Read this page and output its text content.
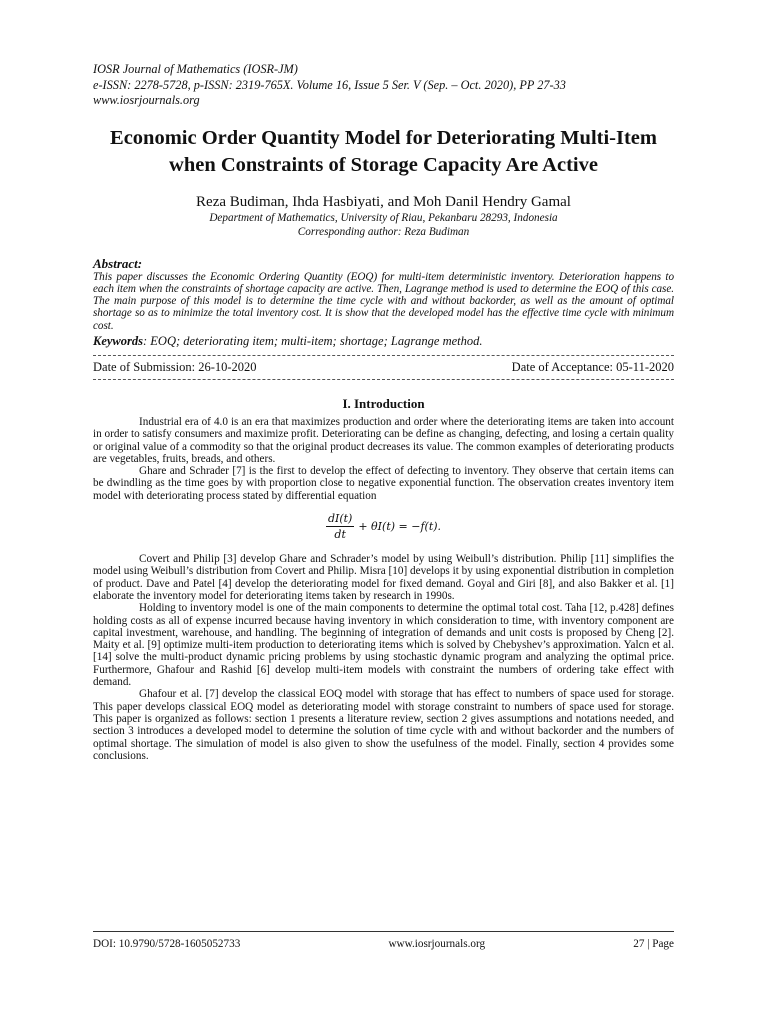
IOSR Journal of Mathematics (IOSR-JM)
e-ISSN: 2278-5728, p-ISSN: 2319-765X. Volume 16, Issue 5 Ser. V (Sep. – Oct. 2020), PP 27-33
www.iosrjournals.org
Economic Order Quantity Model for Deteriorating Multi-Item when Constraints of Storage Capacity Are Active
Reza Budiman, Ihda Hasbiyati, and Moh Danil Hendry Gamal
Department of Mathematics, University of Riau, Pekanbaru 28293, Indonesia
Corresponding author: Reza Budiman
Abstract:
This paper discusses the Economic Ordering Quantity (EOQ) for multi-item deterministic inventory. Deterioration happens to each item when the constraints of shortage capacity are active. Then, Lagrange method is used to determine the EOQ of this case. The main purpose of this model is to determine the time cycle with and without backorder, as well as the amount of optimal shortage so as to minimize the total inventory cost. It is show that the developed model has the effective time cycle with minimum cost.
Keywords: EOQ; deteriorating item; multi-item; shortage; Lagrange method.
Date of Submission: 26-10-2020	Date of Acceptance: 05-11-2020
I. Introduction

Industrial era of 4.0 is an era that maximizes production and order where the deteriorating items are taken into account in order to satisfy consumers and maximize profit. Deteriorating can be define as changing, defecting, and losing a certain quality or original value of a commodity so that the original product decreases its value. The common examples of deteriorating products are vegetables, fruits, breads, and others.

Ghare and Schrader [7] is the first to develop the effect of defecting to inventory. They observe that certain items can be dwindling as the time goes by with proportion close to negative exponential function. The observation creates inventory item model with deteriorating process stated by differential equation

$\frac{dI(t)}{dt} + \theta I(t) = -f(t)$.

Covert and Philip [3] develop Ghare and Schrader’s model by using Weibull’s distribution. Philip [11] simplifies the model using Weibull’s distribution from Covert and Philip. Misra [10] develops it by using exponential distribution in completion of product. Dave and Patel [4] develop the deteriorating model for fixed demand. Goyal and Giri [8], and also Bakker et al. [1] elaborate the inventory model for deteriorating items taken by research in 1990s.

Holding to inventory model is one of the main components to determine the optimal total cost. Taha [12, p.428] defines holding costs as all of expense incurred because having inventory in which consideration to time, with inventory component are capital investment, warehouse, and handling. The beginning of integration of demands and unit costs is proposed by Cheng [2]. Maity et al. [9] optimize multi-item production to deteriorating items which is solved by Chebyshev’s approximation. Yalcn et al. [14] solve the multi-product dynamic pricing problems by using stochastic dynamic program and analyzing the optimal price. Furthermore, Ghafour and Rashid [6] develop multi-item models with constraint the numbers of ordering take effect with demand.

Ghafour et al. [7] develop the classical EOQ model with storage that has effect to numbers of space used for storage. This paper develops classical EOQ model as deteriorating model with storage constraint to numbers of space used for storage. This paper is organized as follows: section 1 presents a literature review, section 2 gives assumptions and notations needed, and section 3 introduces a developed model to determine the solution of time cycle with and without backorder and the numbers of optimal shortage. The simulation of model is also given to show the usefulness of the model. Finally, section 4 provides some conclusions.

DOI: 10.9790/5728-1605052733	www.iosrjournals.org	27 | Page
